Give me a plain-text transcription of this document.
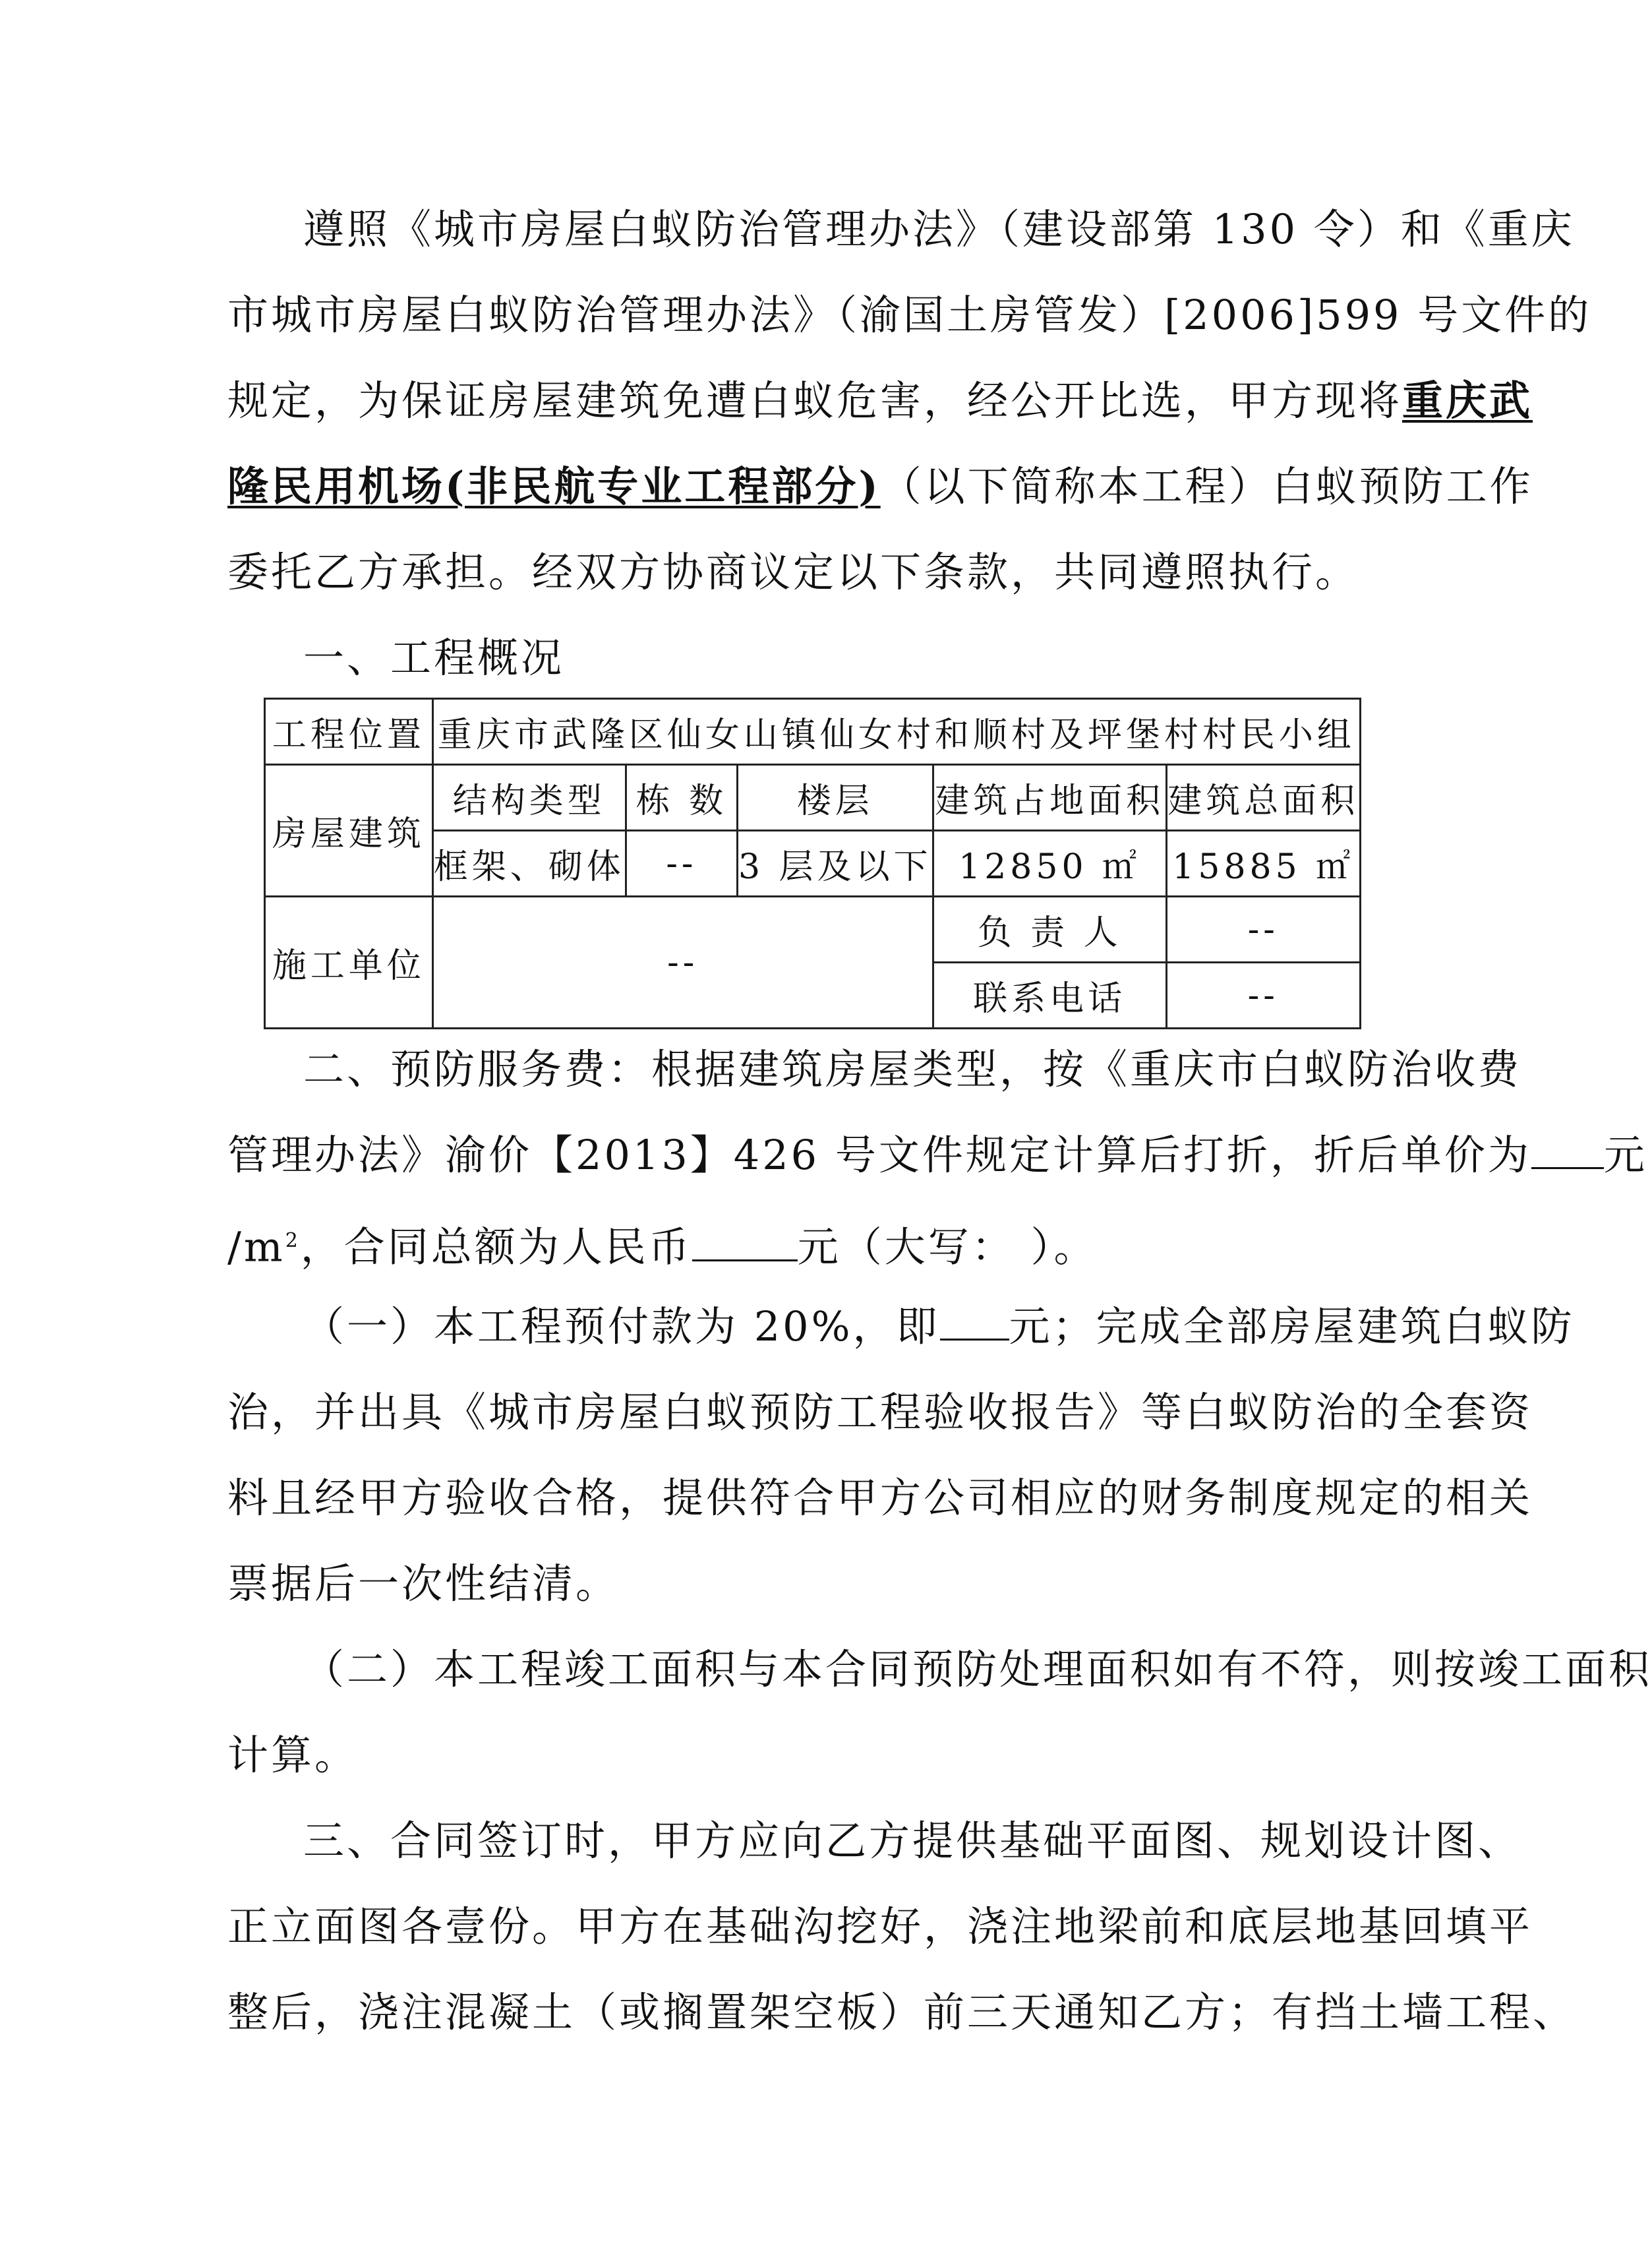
遵照《城市房屋白蚁防治管理办法》（建设部第 130 令）和《重庆
市城市房屋白蚁防治管理办法》（渝国土房管发）[2006]599 号文件的
规定，为保证房屋建筑免遭白蚁危害，经公开比选，甲方现将重庆武
隆民用机场(非民航专业工程部分)（以下简称本工程）白蚁预防工作
委托乙方承担。经双方协商议定以下条款，共同遵照执行。
一、工程概况
工程位置	重庆市武隆区仙女山镇仙女村和顺村及坪堡村村民小组				
房屋建筑	结构类型	栋 数	楼层	建筑占地面积	建筑总面积
	框架、砌体	--	3 层及以下	12850 ㎡	15885 ㎡
施工单位	--			负 责 人	--
				联系电话	--
二、预防服务费：根据建筑房屋类型，按《重庆市白蚁防治收费
管理办法》渝价【2013】426 号文件规定计算后打折，折后单价为 元
$/m^2$，合同总额为人民币	元（大写： ）。
（一）本工程预付款为 20%，即 元；完成全部房屋建筑白蚁防
治，并出具《城市房屋白蚁预防工程验收报告》等白蚁防治的全套资
料且经甲方验收合格，提供符合甲方公司相应的财务制度规定的相关
票据后一次性结清。
（二）本工程竣工面积与本合同预防处理面积如有不符，则按竣工面积
计算。
三、合同签订时，甲方应向乙方提供基础平面图、规划设计图、
正立面图各壹份。甲方在基础沟挖好，浇注地梁前和底层地基回填平
整后，浇注混凝土（或搁置架空板）前三天通知乙方；有挡土墙工程、
